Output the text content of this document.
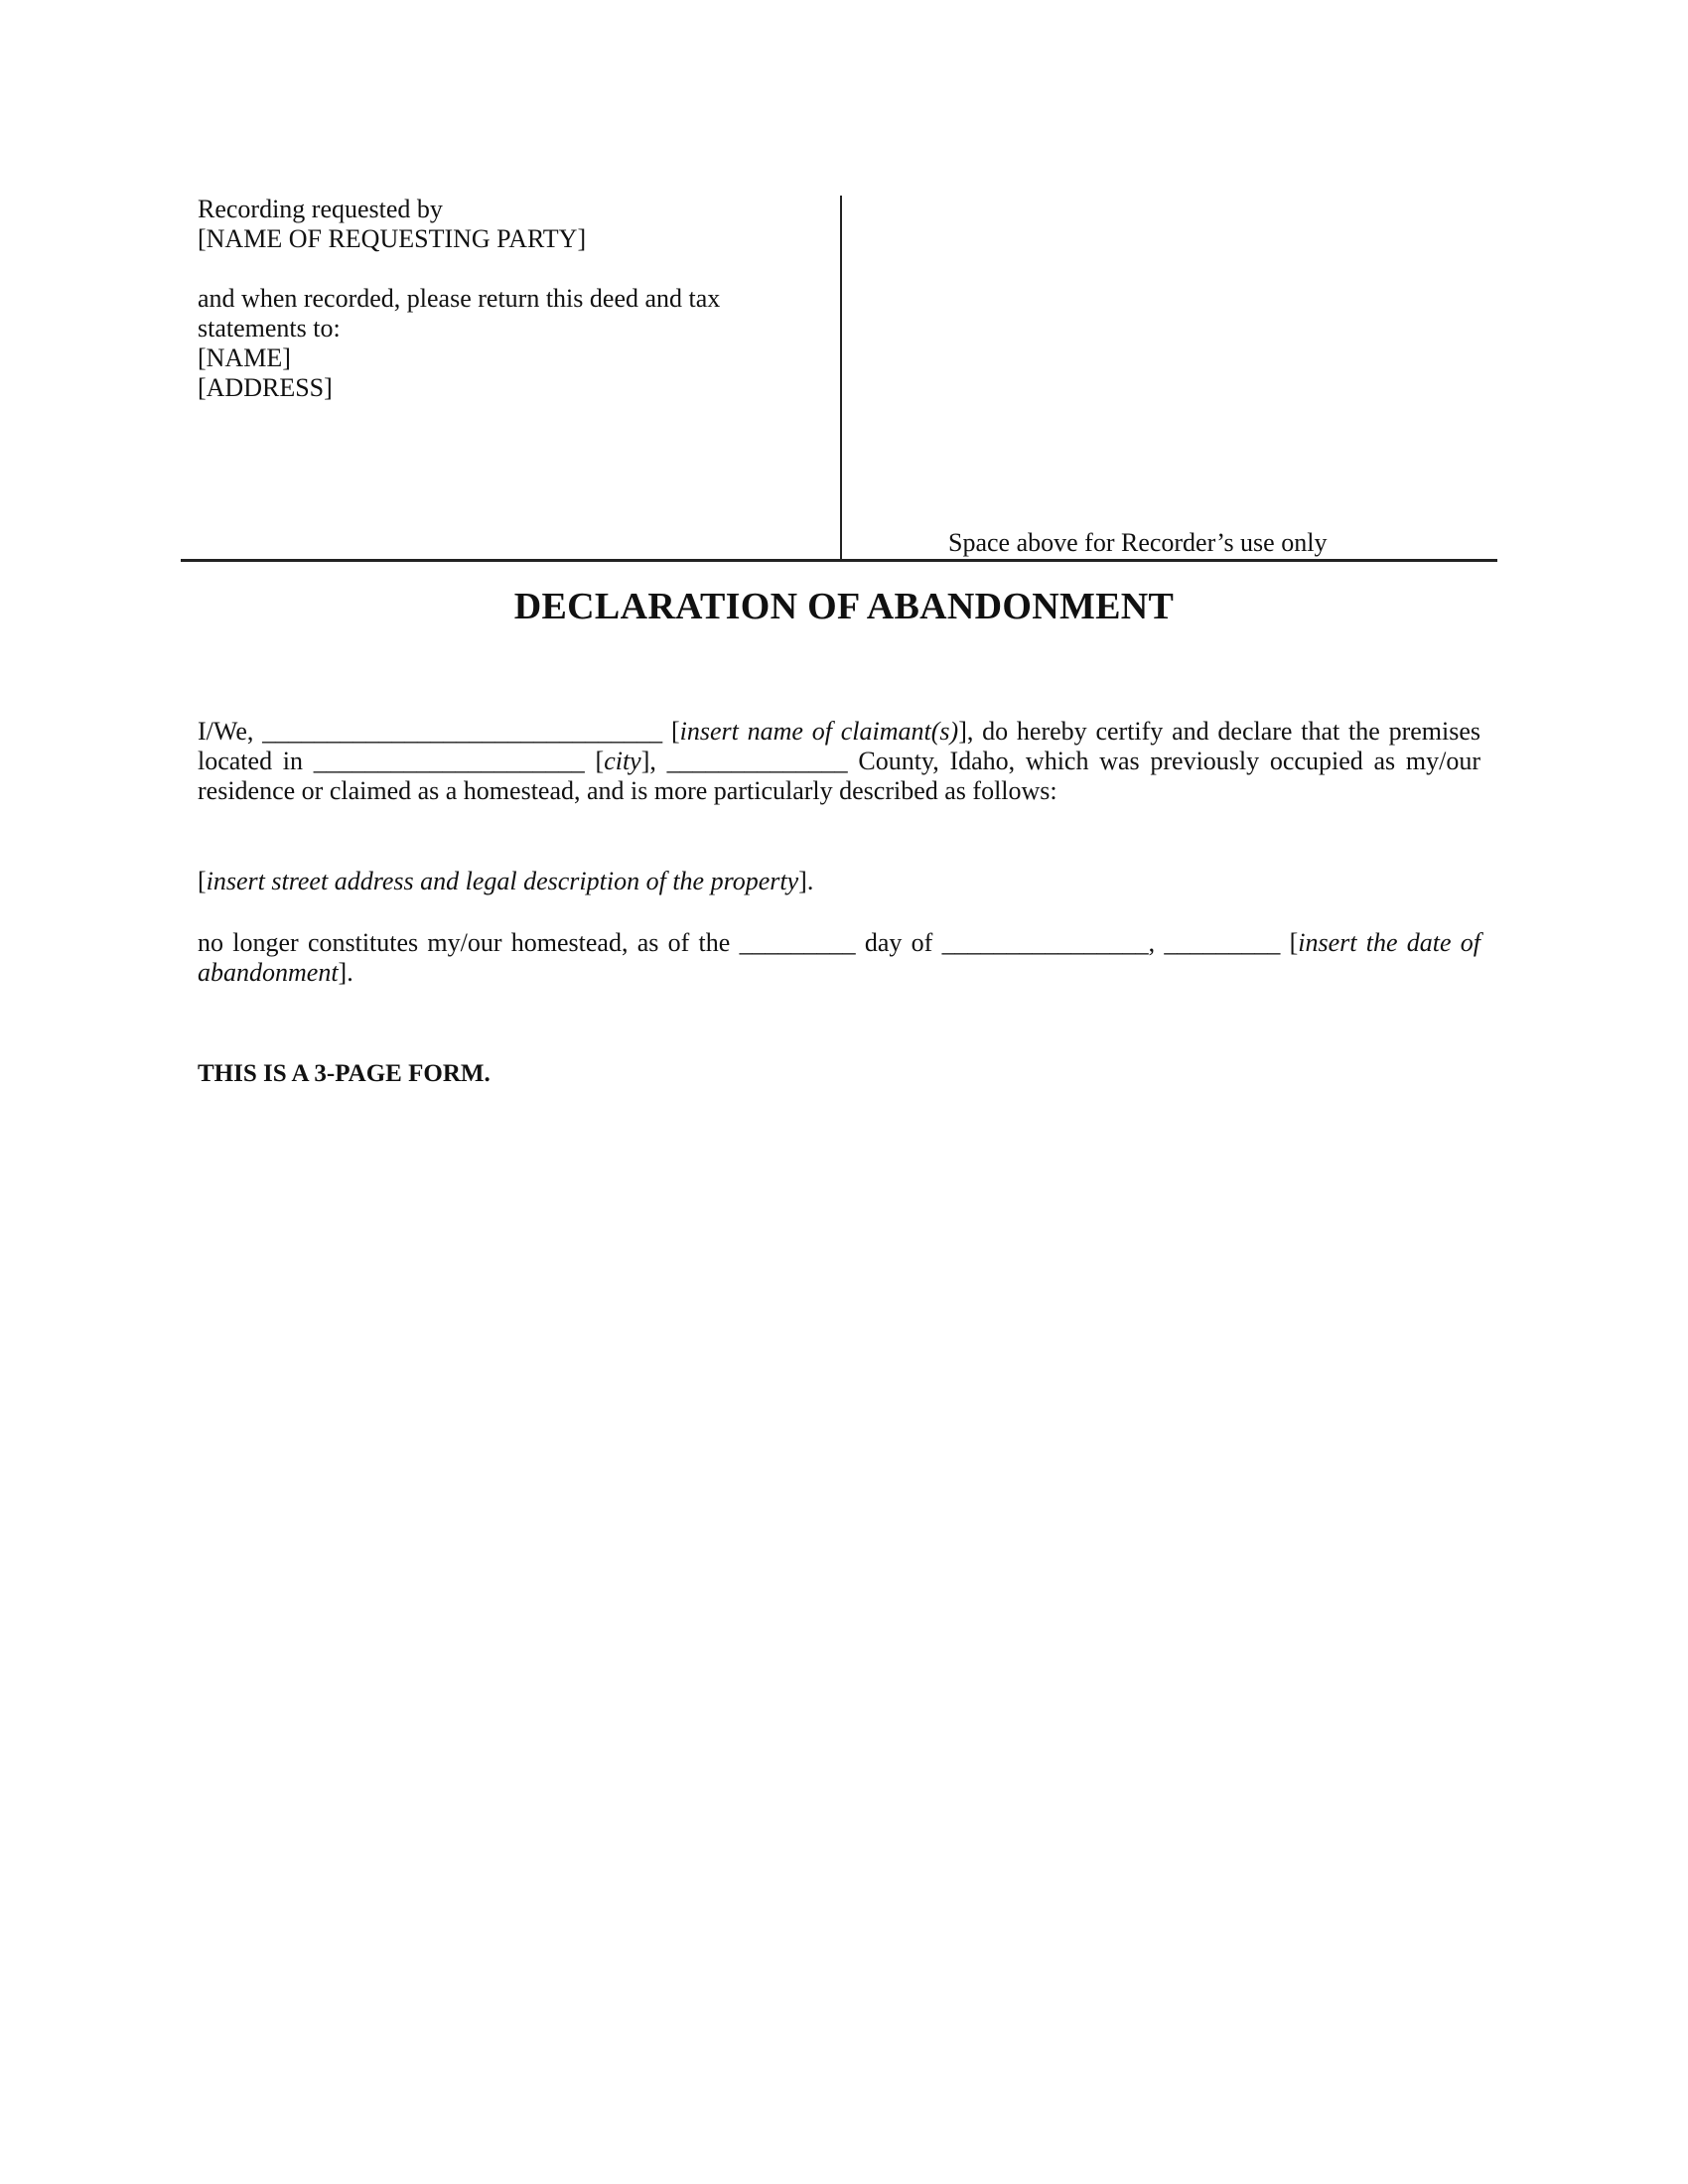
Recording requested by
[NAME OF REQUESTING PARTY]
and when recorded, please return this deed and tax statements to:
[NAME]
[ADDRESS]
Space above for Recorder’s use only
DECLARATION OF ABANDONMENT
I/We, _______________________________ [insert name of claimant(s)], do hereby certify and declare that the premises located in _____________________ [city], ______________ County, Idaho, which was previously occupied as my/our residence or claimed as a homestead, and is more particularly described as follows:
[insert street address and legal description of the property].
no longer constitutes my/our homestead, as of the _________ day of ________________, _________ [insert the date of abandonment].
THIS IS A 3-PAGE FORM.
